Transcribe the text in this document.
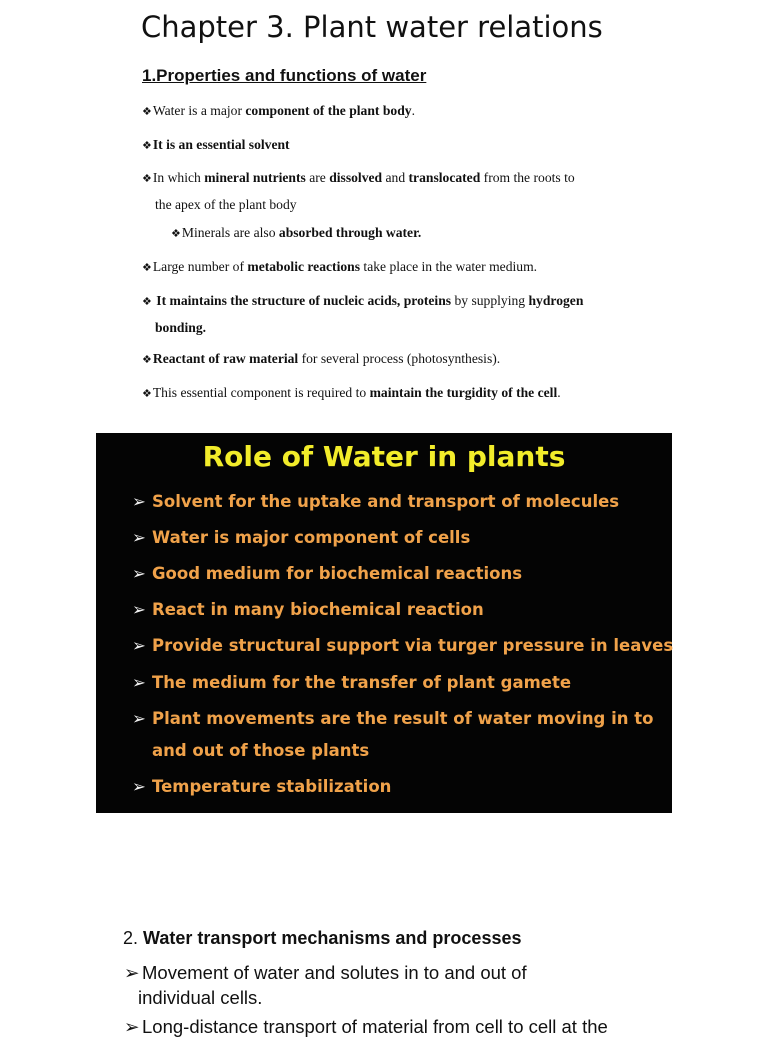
Chapter 3. Plant water relations
1.Properties and functions of water
❖Water is a major component of the plant body.
❖It is an essential solvent
❖In which mineral nutrients are dissolved and translocated from the roots to
the apex of the plant body
❖Minerals are also absorbed through water.
❖Large number of metabolic reactions take place in the water medium.
❖ It maintains the structure of nucleic acids, proteins by supplying hydrogen
bonding.
❖Reactant of raw material for several process (photosynthesis).
❖This essential component is required to maintain the turgidity of the cell.
Role of Water in plants
➢ Solvent for the uptake and transport of molecules
➢ Water is major component of cells
➢ Good medium for biochemical reactions
➢ React in many biochemical reaction
➢ Provide structural support via turger pressure in leaves
➢ The medium for the transfer of plant gamete
➢ Plant movements are the result of water moving in to
and out of those plants
➢ Temperature stabilization
2. Water transport mechanisms and processes
➢ Movement of water and solutes in to and out of
individual cells.
➢ Long-distance transport of material from cell to cell at the
